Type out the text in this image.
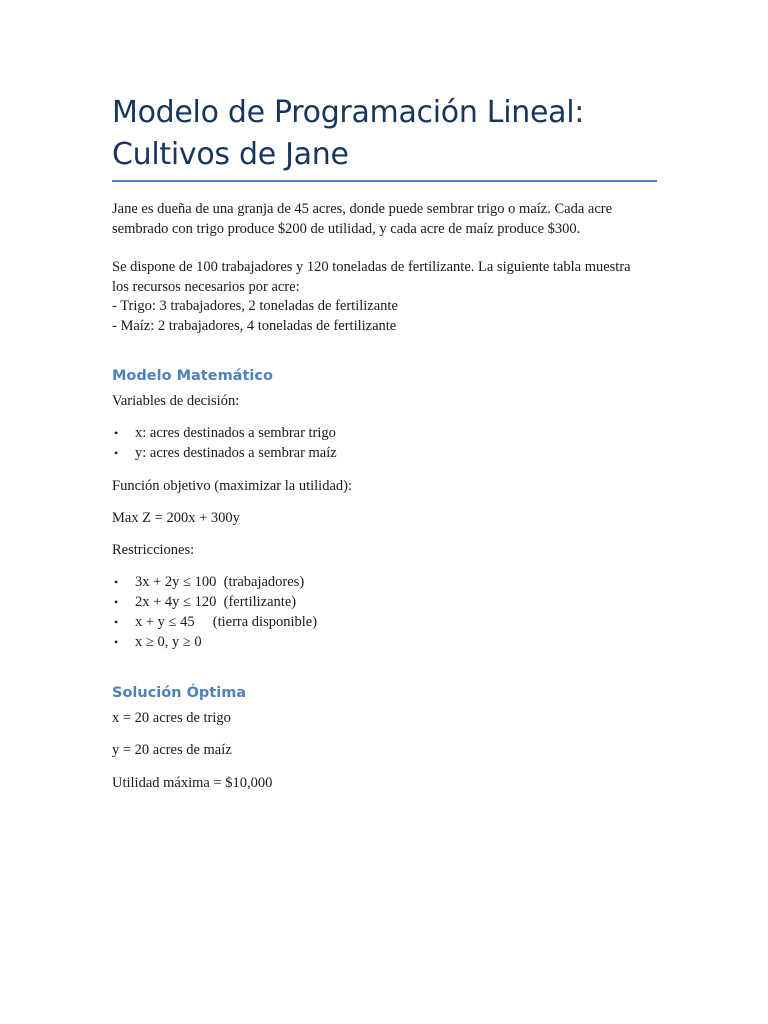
Modelo de Programación Lineal:
Cultivos de Jane

Jane es dueña de una granja de 45 acres, donde puede sembrar trigo o maíz. Cada acre
sembrado con trigo produce $200 de utilidad, y cada acre de maíz produce $300.

Se dispone de 100 trabajadores y 120 toneladas de fertilizante. La siguiente tabla muestra
los recursos necesarios por acre:
- Trigo: 3 trabajadores, 2 toneladas de fertilizante
- Maíz: 2 trabajadores, 4 toneladas de fertilizante

Modelo Matemático

Variables de decisión:

• x: acres destinados a sembrar trigo
• y: acres destinados a sembrar maíz

Función objetivo (maximizar la utilidad):

Max Z = 200x + 300y

Restricciones:

• 3x + 2y ≤ 100  (trabajadores)
• 2x + 4y ≤ 120  (fertilizante)
• x + y ≤ 45     (tierra disponible)
• x ≥ 0, y ≥ 0
Solución Óptima

x = 20 acres de trigo

y = 20 acres de maíz

Utilidad máxima = $10,000
